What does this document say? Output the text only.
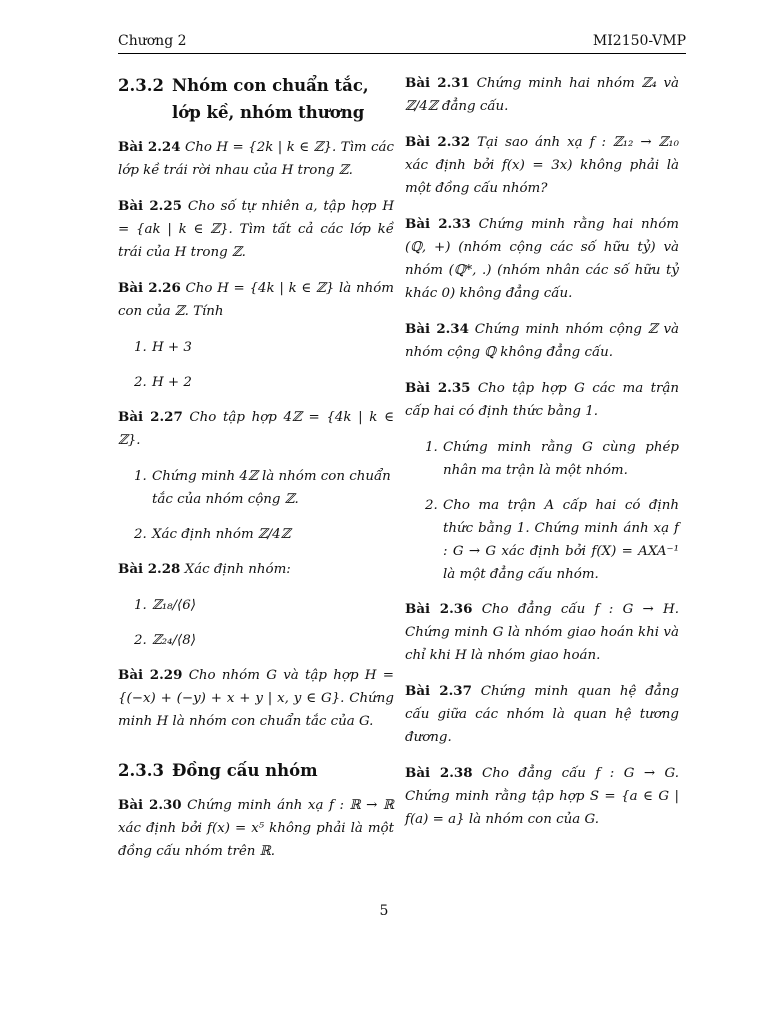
Chương 2	MI2150-VMP
2.3.2 Nhóm con chuẩn tắc, lớp kề, nhóm thương

Bài 2.24 Cho H = {2k | k ∈ ℤ}. Tìm các lớp kề trái rời nhau của H trong ℤ.

Bài 2.25 Cho số tự nhiên a, tập hợp H = {ak | k ∈ ℤ}. Tìm tất cả các lớp kề trái của H trong ℤ.

Bài 2.26 Cho H = {4k | k ∈ ℤ} là nhóm con của ℤ. Tính

1. H + 3
2. H + 2

Bài 2.27 Cho tập hợp 4ℤ = {4k | k ∈ ℤ}.

1. Chứng minh 4ℤ là nhóm con chuẩn tắc của nhóm cộng ℤ.
2. Xác định nhóm ℤ/4ℤ

Bài 2.28 Xác định nhóm:

1. ℤ₁₈/⟨6⟩
2. ℤ₂₄/⟨8⟩

Bài 2.29 Cho nhóm G và tập hợp H = {(−x) + (−y) + x + y | x, y ∈ G}. Chứng minh H là nhóm con chuẩn tắc của G.

2.3.3 Đồng cấu nhóm

Bài 2.30 Chứng minh ánh xạ f : ℝ → ℝ xác định bởi f(x) = x⁵ không phải là một đồng cấu nhóm trên ℝ.

Bài 2.31 Chứng minh hai nhóm ℤ₄ và ℤ/4ℤ đẳng cấu.

Bài 2.32 Tại sao ánh xạ f : ℤ₁₂ → ℤ₁₀ xác định bởi f(x) = 3x) không phải là một đồng cấu nhóm?

Bài 2.33 Chứng minh rằng hai nhóm (ℚ, +) (nhóm cộng các số hữu tỷ) và nhóm (ℚ*, .) (nhóm nhân các số hữu tỷ khác 0) không đẳng cấu.

Bài 2.34 Chứng minh nhóm cộng ℤ và nhóm cộng ℚ không đẳng cấu.

Bài 2.35 Cho tập hợp G các ma trận cấp hai có định thức bằng 1.

1. Chứng minh rằng G cùng phép nhân ma trận là một nhóm.
2. Cho ma trận A cấp hai có định thức bằng 1. Chứng minh ánh xạ f : G → G xác định bởi f(X) = AXA⁻¹ là một đẳng cấu nhóm.

Bài 2.36 Cho đẳng cấu f : G → H. Chứng minh G là nhóm giao hoán khi và chỉ khi H là nhóm giao hoán.

Bài 2.37 Chứng minh quan hệ đẳng cấu giữa các nhóm là quan hệ tương đương.

Bài 2.38 Cho đẳng cấu f : G → G. Chứng minh rằng tập hợp S = {a ∈ G | f(a) = a} là nhóm con của G.

5
